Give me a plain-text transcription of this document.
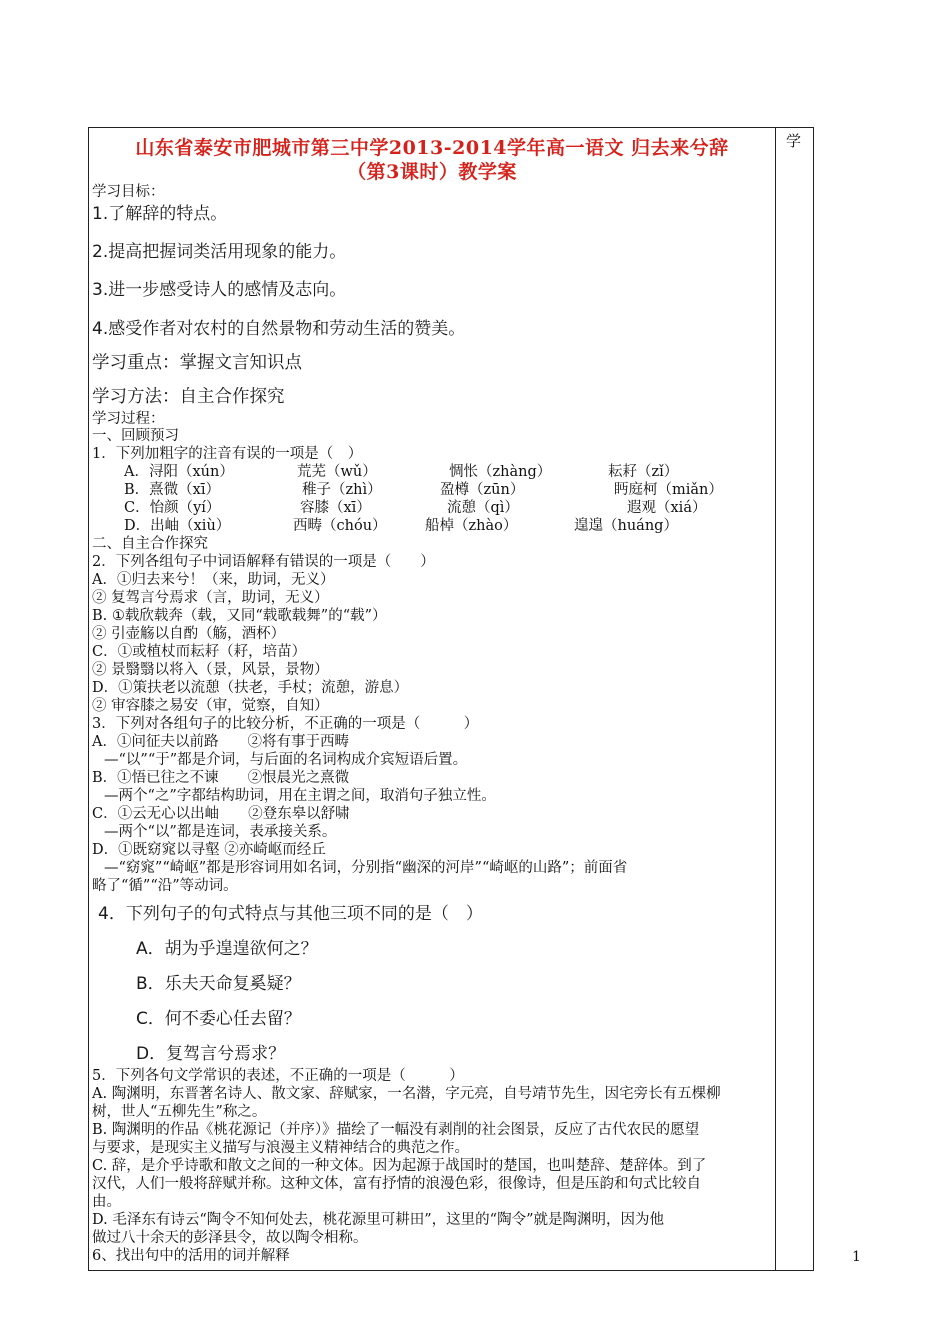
学
山东省泰安市肥城市第三中学2013-2014学年高一语文 归去来兮辞
（第3课时）教学案
学习目标：
1.了解辞的特点。
2.提高把握词类活用现象的能力。
3.进一步感受诗人的感情及志向。
4.感受作者对农村的自然景物和劳动生活的赞美。
学习重点：掌握文言知识点
学习方法：自主合作探究
学习过程：
一、回顾预习
1．下列加粗字的注音有误的一项是（　）
A．浔阳（xún）	荒芜（wǔ）	惆怅（zhàng）	耘耔（zǐ）
B．熹微（xī）	稚子（zhì）	盈樽（zūn）	眄庭柯（miǎn）
C．怡颜（yí）	容膝（xī）	流憩（qì）	遐观（xiá）
D．出岫（xiù）	西畴（chóu）	船棹（zhào）	遑遑（huáng）
二、自主合作探究
2．下列各组句子中词语解释有错误的一项是（　　）
A．①归去来兮！（来，助词，无义）
② 复驾言兮焉求（言，助词，无义）
B. ①载欣载奔（载，又同“载歌载舞”的“载”）
② 引壶觞以自酌（觞，酒杯）
C．①或植杖而耘耔（耔，培苗）
② 景翳翳以将入（景，风景，景物）
D．①策扶老以流憩（扶老，手杖；流憩，游息）
② 审容膝之易安（审，觉察，自知）
3．下列对各组句子的比较分析，不正确的一项是（　　　）
A．①问征夫以前路　　②将有事于西畴
—“以”“于”都是介词，与后面的名词构成介宾短语后置。
B．①悟已往之不谏　　②恨晨光之熹微
—两个“之”字都结构助词，用在主谓之间，取消句子独立性。
C．①云无心以出岫　　②登东皋以舒啸
—两个“以”都是连词，表承接关系。
D．①既窈窕以寻壑 ②亦崎岖而经丘
—“窈窕”“崎岖”都是形容词用如名词，分别指“幽深的河岸”“崎岖的山路”；前面省
略了“循”“沿”等动词。
4．下列句子的句式特点与其他三项不同的是（　）
A．胡为乎遑遑欲何之？
B．乐夫天命复奚疑？
C．何不委心任去留？
D．复驾言兮焉求？
5．下列各句文学常识的表述，不正确的一项是（　　　）
A. 陶渊明，东晋著名诗人、散文家、辞赋家，一名潜，字元亮，自号靖节先生，因宅旁长有五棵柳
树，世人“五柳先生”称之。
B. 陶渊明的作品《桃花源记（并序）》描绘了一幅没有剥削的社会图景，反应了古代农民的愿望
与要求，是现实主义描写与浪漫主义精神结合的典范之作。
C. 辞，是介乎诗歌和散文之间的一种文体。因为起源于战国时的楚国，也叫楚辞、楚辞体。到了
汉代，人们一般将辞赋并称。这种文体，富有抒情的浪漫色彩，很像诗，但是压韵和句式比较自
由。
D. 毛泽东有诗云“陶令不知何处去，桃花源里可耕田”，这里的“陶令”就是陶渊明，因为他
做过八十余天的彭泽县令，故以陶令相称。
6、找出句中的活用的词并解释	1
